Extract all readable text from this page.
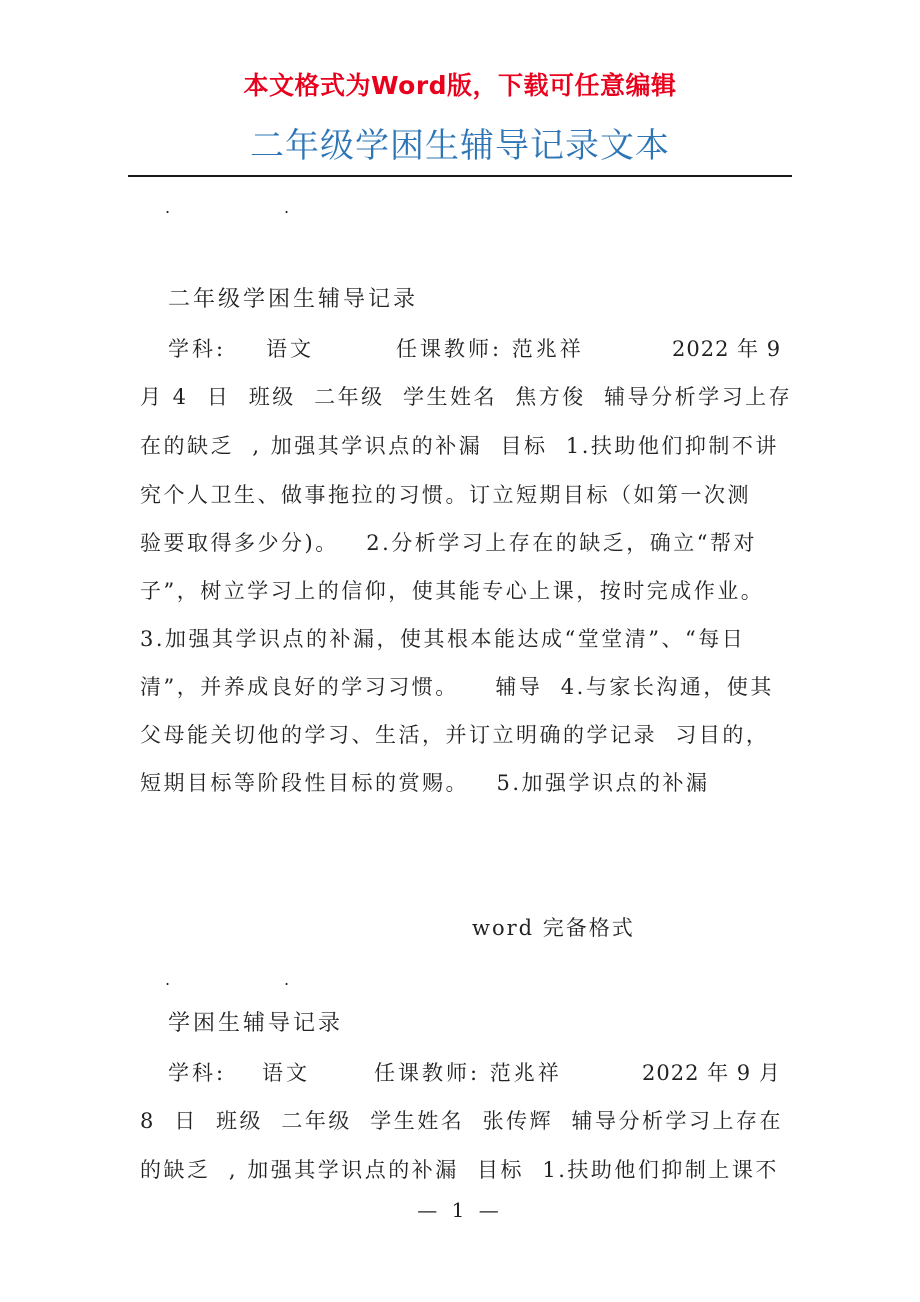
本文格式为Word版，下载可任意编辑
二年级学困生辅导记录文本
.	.
二年级学困生辅导记录
学科: 语文	任课教师: 范兆祥	2022 年 9
月 4  日  班级  二年级  学生姓名  焦方俊  辅导分析学习上存
在的缺乏  , 加强其学识点的补漏  目标  1.扶助他们抑制不讲
究个人卫生、做事拖拉的习惯。订立短期目标（如第一次测
验要取得多少分)。   2.分析学习上存在的缺乏，确立“帮对
子”，树立学习上的信仰，使其能专心上课，按时完成作业。
3.加强其学识点的补漏，使其根本能达成“堂堂清”、“每日
清”，并养成良好的学习习惯。    辅导  4.与家长沟通，使其
父母能关切他的学习、生活，并订立明确的学记录  习目的，
短期目标等阶段性目标的赏赐。   5.加强学识点的补漏
word 完备格式
.	.
学困生辅导记录
学科: 语文	任课教师: 范兆祥	2022 年 9 月
8  日  班级  二年级  学生姓名  张传辉  辅导分析学习上存在
的缺乏  , 加强其学识点的补漏  目标  1.扶助他们抑制上课不
— 1 —
